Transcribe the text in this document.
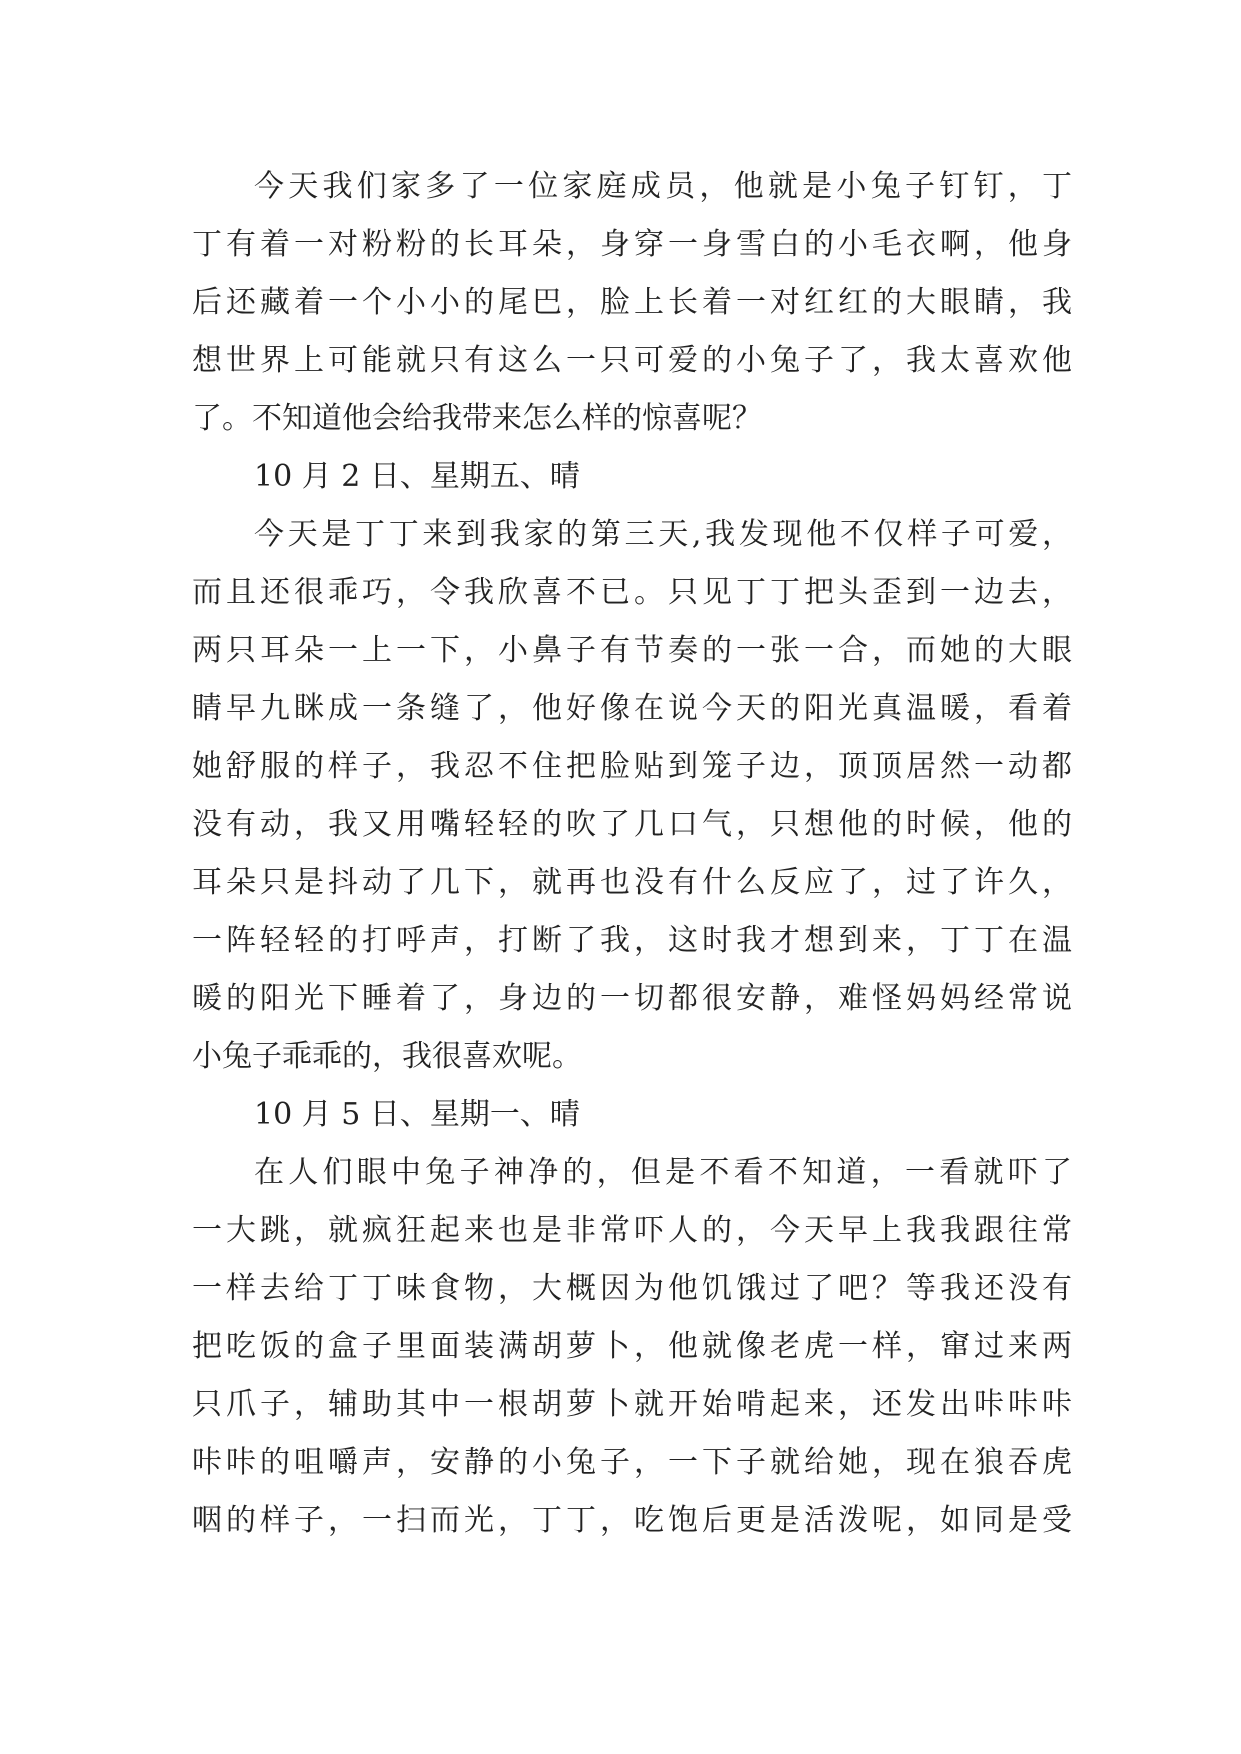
今天我们家多了一位家庭成员，他就是小兔子钉钉，丁
丁有着一对粉粉的长耳朵，身穿一身雪白的小毛衣啊，他身
后还藏着一个小小的尾巴，脸上长着一对红红的大眼睛，我
想世界上可能就只有这么一只可爱的小兔子了，我太喜欢他
了。不知道他会给我带来怎么样的惊喜呢？
10 月 2 日、星期五、晴
今天是丁丁来到我家的第三天,我发现他不仅样子可爱，
而且还很乖巧，令我欣喜不已。只见丁丁把头歪到一边去，
两只耳朵一上一下，小鼻子有节奏的一张一合，而她的大眼
睛早九眯成一条缝了，他好像在说今天的阳光真温暖，看着
她舒服的样子，我忍不住把脸贴到笼子边，顶顶居然一动都
没有动，我又用嘴轻轻的吹了几口气，只想他的时候，他的
耳朵只是抖动了几下，就再也没有什么反应了，过了许久，
一阵轻轻的打呼声，打断了我，这时我才想到来，丁丁在温
暖的阳光下睡着了，身边的一切都很安静，难怪妈妈经常说
小兔子乖乖的，我很喜欢呢。
10 月 5 日、星期一、晴
在人们眼中兔子神净的，但是不看不知道，一看就吓了
一大跳，就疯狂起来也是非常吓人的，今天早上我我跟往常
一样去给丁丁味食物，大概因为他饥饿过了吧？等我还没有
把吃饭的盒子里面装满胡萝卜，他就像老虎一样，窜过来两
只爪子，辅助其中一根胡萝卜就开始啃起来，还发出咔咔咔
咔咔的咀嚼声，安静的小兔子，一下子就给她，现在狼吞虎
咽的样子，一扫而光，丁丁，吃饱后更是活泼呢，如同是受
